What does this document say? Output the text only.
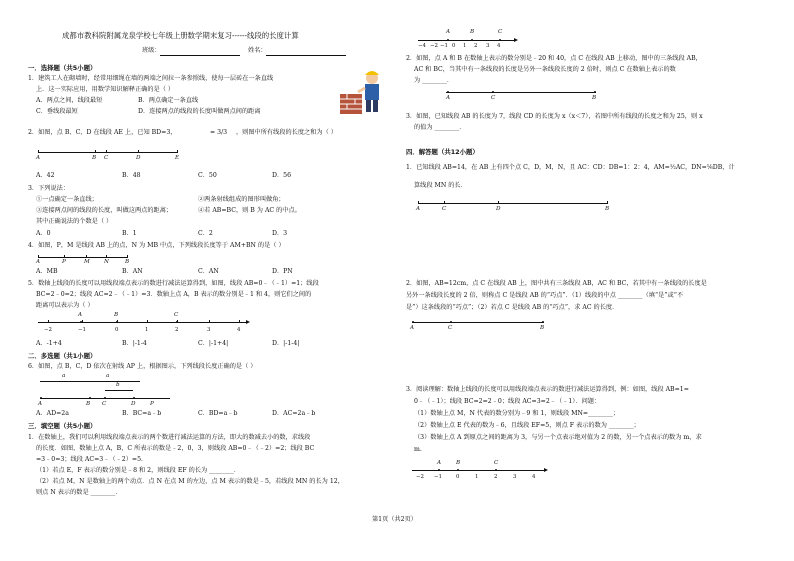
成都市教科院附属龙泉学校七年级上册数学期末复习------线段的长度计算
班级：	姓名：
一．选择题（共5小题）
1．建筑工人在砌墙时，经常用细绳在墙的两端之间拉一条参照线，使每一层砖在一条直线
上．这一实际应用，用数学知识解释正确的是（ ）
A．两点之间，线段最短	B．两点确定一条直线
C．垂线段最短	D．连接两点的线段的长度叫做两点间的距离
2．如图，点 B、C、D 在线段 AE 上，已知 BD=3，	= 3/3 ，则图中所有线段的长度之和为（ ）
A	B C	D	E
A．42	B．48	C．50	D．56
3．下列说法：
①一点确定一条直线；	②两条射线组成的图形叫做角；
③连接两点间的线段的长度，叫做这两点的距离；	④若 AB=BC，则 B 为 AC 的中点。
其中正确说法的个数是（ ）
A．0	B．1	C．2	D．3
4．如图，P，M 是线段 AB 上的点，N 为 MB 中点，下列线段长度等于 AM+BN 的是（ ）
A	P	M	N	B
A．MB	B．AN	C．AN	D．PN
5．数轴上线段的长度可以用线段端点表示的数进行减法运算得到，如图，线段 AB=0﹣（﹣1）=1；线段
BC=2﹣0=2；线段 AC=2﹣（﹣1）=3．数轴上点 A，B 表示的数分别是﹣1 和 4，则它们之间的
距离可以表示为（ ）
A	B	C
−2	−1	0	1	2	3	4
A．-1+4	B．|-1-4	C．|-1+4|	D．|-1-4|
二．多选题（共1小题）
6．如图，点 B，C，D 依次在射线 AP 上，根据图示，下列线段长度正确的是（ ）
a	a
b
A	B C	D	P
A．AD=2a	B．BC=a﹣b	C．BD=a﹣b	D．AC=2a﹣b
三．填空题（共5小题）
1．在数轴上，我们可以利用线段端点表示的两个数进行减法运算的方法，即大的数减去小的数，求线段
的长度．如图，数轴上点 A，B，C 所表示的数是﹣2，0，3，则线段 AB=0﹣（﹣2）=2；线段 BC
=3﹣0=3；线段 AC=3﹣（﹣2）=5．
（1）若点 E，F 表示的数分别是﹣8 和 2，则线段 EF 的长为 ________．
（2）若点 M，N 是数轴上的两个动点．点 N 在点 M 的左边，点 M 表示的数是﹣5，若线段 MN 的长为 12，
则点 N 表示的数是 ________．
A	B	C
−4 −2 −1 0 1 2 3 4
2．如图，点 A 和 B 在数轴上表示的数分别是﹣20 和 40，点 C 在线段 AB 上移动，图中的三条线段 AB，
AC 和 BC，当其中有一条线段的长度是另外一条线段长度的 2 倍时，则点 C 在数轴上表示的数
为 ________．
A	C	B
3．如图，已知线段 AB 的长度为 7，线段 CD 的长度为 x（x＜7），若图中所有线段的长度之和为 25，则 x
的值为 ________．
四．解答题（共12小题）
1．已知线段 AB=14，在 AB 上有四个点 C，D，M，N，且 AC：CD：DB=1：2：4，AM=½AC，DN=⅙DB，计
算线段 MN 的长．
A	C	D	B
2．如图，AB=12cm，点 C 在线段 AB 上，图中共有三条线段 AB，AC 和 BC，若其中有一条线段的长度是
另外一条线段长度的 2 倍，则称点 C 是线段 AB 的“巧点”．（1）线段的中点 ________（填“是”或“不
是”）这条线段的“巧点”；（2）若点 C 是线段 AB 的“巧点”，求 AC 的长度．
A	C	B
3．阅读理解：数轴上线段的长度可以用线段端点表示的数进行减法运算得到，例：如图，线段 AB=1=
0﹣（﹣1）；线段 BC=2=2﹣0；线段 AC=3=2﹣（﹣1）．问题：
（1）数轴上点 M，N 代表的数分别为﹣9 和 1，则线段 MN=________；
（2）数轴上点 E 代表的数为﹣6，且线段 EF=5，则点 F 表示的数为 ________；
（3）数轴上点 A 到原点之间的距离为 3，与另一个点表示绝对值为 2 的数，另一个点表示的数为 m，求
m.
A	B	C
−2 −1	0	1	2	3	4
第1页（共2页）
